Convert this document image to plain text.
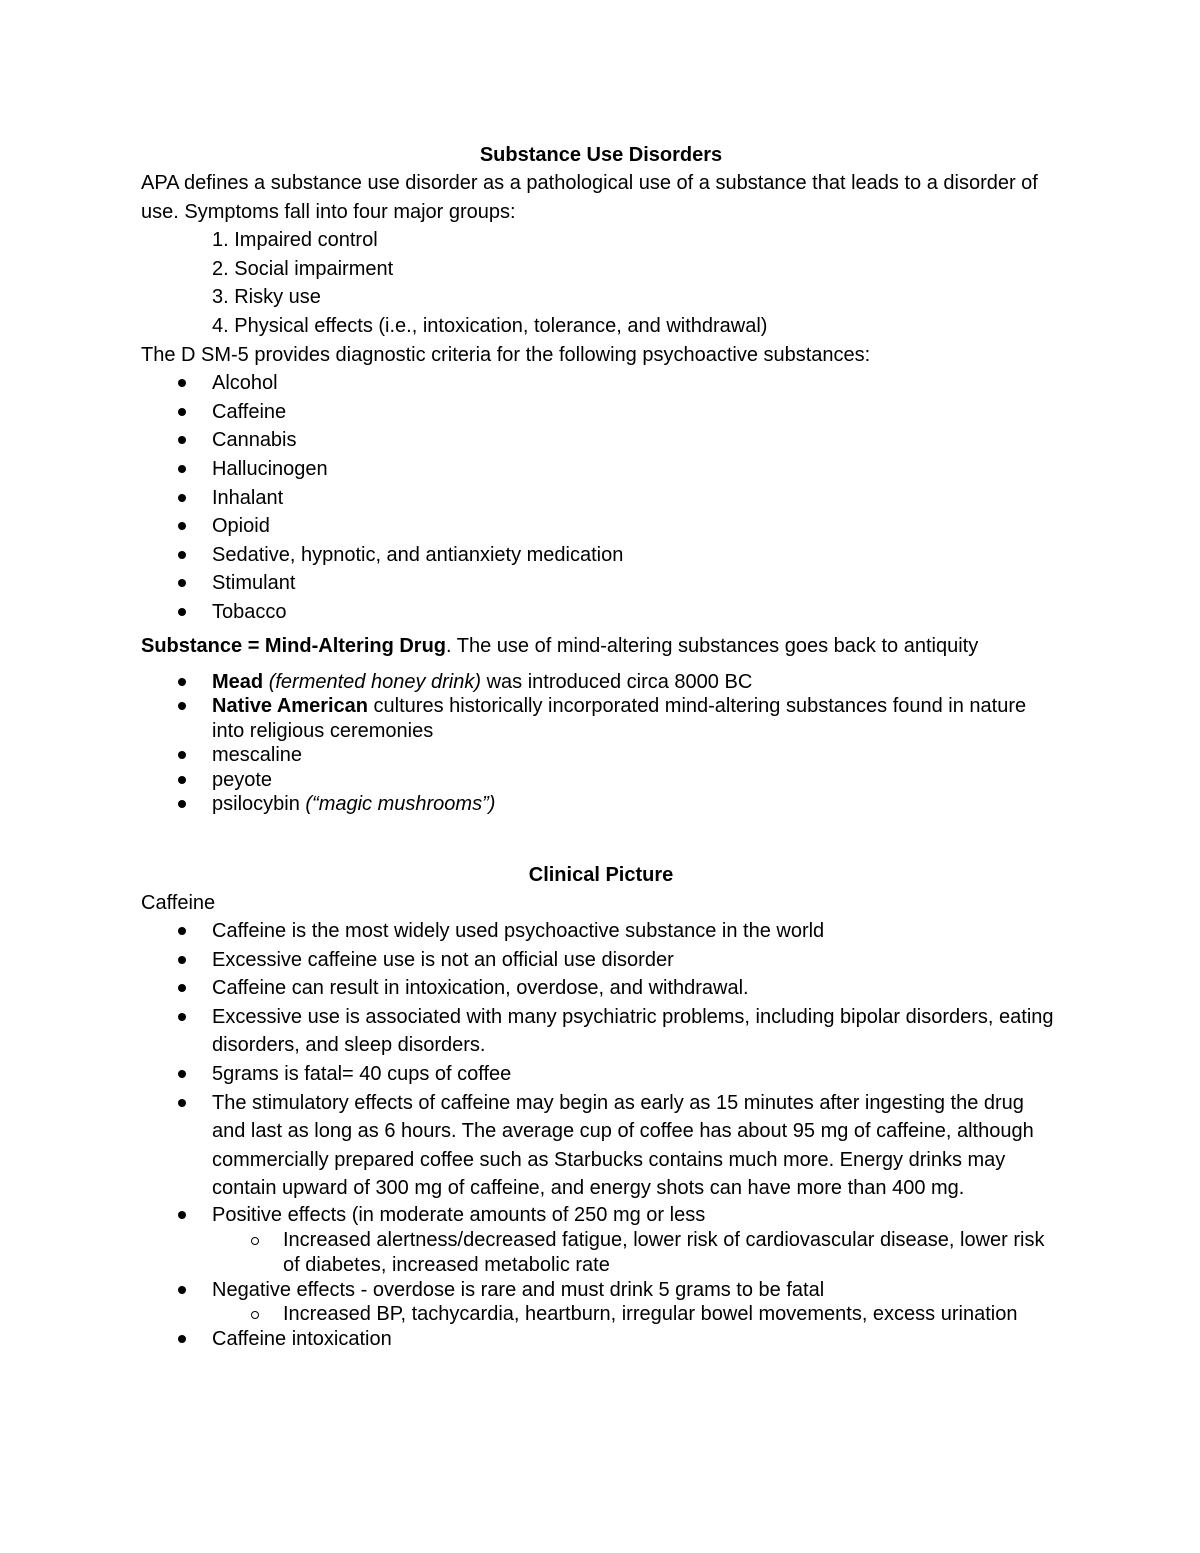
Substance Use Disorders

APA defines a substance use disorder as a pathological use of a substance that leads to a disorder of use. Symptoms fall into four major groups:

1. Impaired control
2. Social impairment
3. Risky use
4. Physical effects (i.e., intoxication, tolerance, and withdrawal)

The D SM-5 provides diagnostic criteria for the following psychoactive substances:

Alcohol
Caffeine
Cannabis
Hallucinogen
Inhalant
Opioid
Sedative, hypnotic, and antianxiety medication
Stimulant
Tobacco

Substance = Mind-Altering Drug. The use of mind-altering substances goes back to antiquity

Mead (fermented honey drink) was introduced circa 8000 BC
Native American cultures historically incorporated mind-altering substances found in nature into religious ceremonies
mescaline
peyote
psilocybin (“magic mushrooms”)

Clinical Picture

Caffeine

Caffeine is the most widely used psychoactive substance in the world
Excessive caffeine use is not an official use disorder
Caffeine can result in intoxication, overdose, and withdrawal.
Excessive use is associated with many psychiatric problems, including bipolar disorders, eating disorders, and sleep disorders.
5grams is fatal= 40 cups of coffee
The stimulatory effects of caffeine may begin as early as 15 minutes after ingesting the drug and last as long as 6 hours. The average cup of coffee has about 95 mg of caffeine, although commercially prepared coffee such as Starbucks contains much more. Energy drinks may contain upward of 300 mg of caffeine, and energy shots can have more than 400 mg.
Positive effects (in moderate amounts of 250 mg or less
Increased alertness/decreased fatigue, lower risk of cardiovascular disease, lower risk of diabetes, increased metabolic rate
Negative effects - overdose is rare and must drink 5 grams to be fatal
Increased BP, tachycardia, heartburn, irregular bowel movements, excess urination
Caffeine intoxication
